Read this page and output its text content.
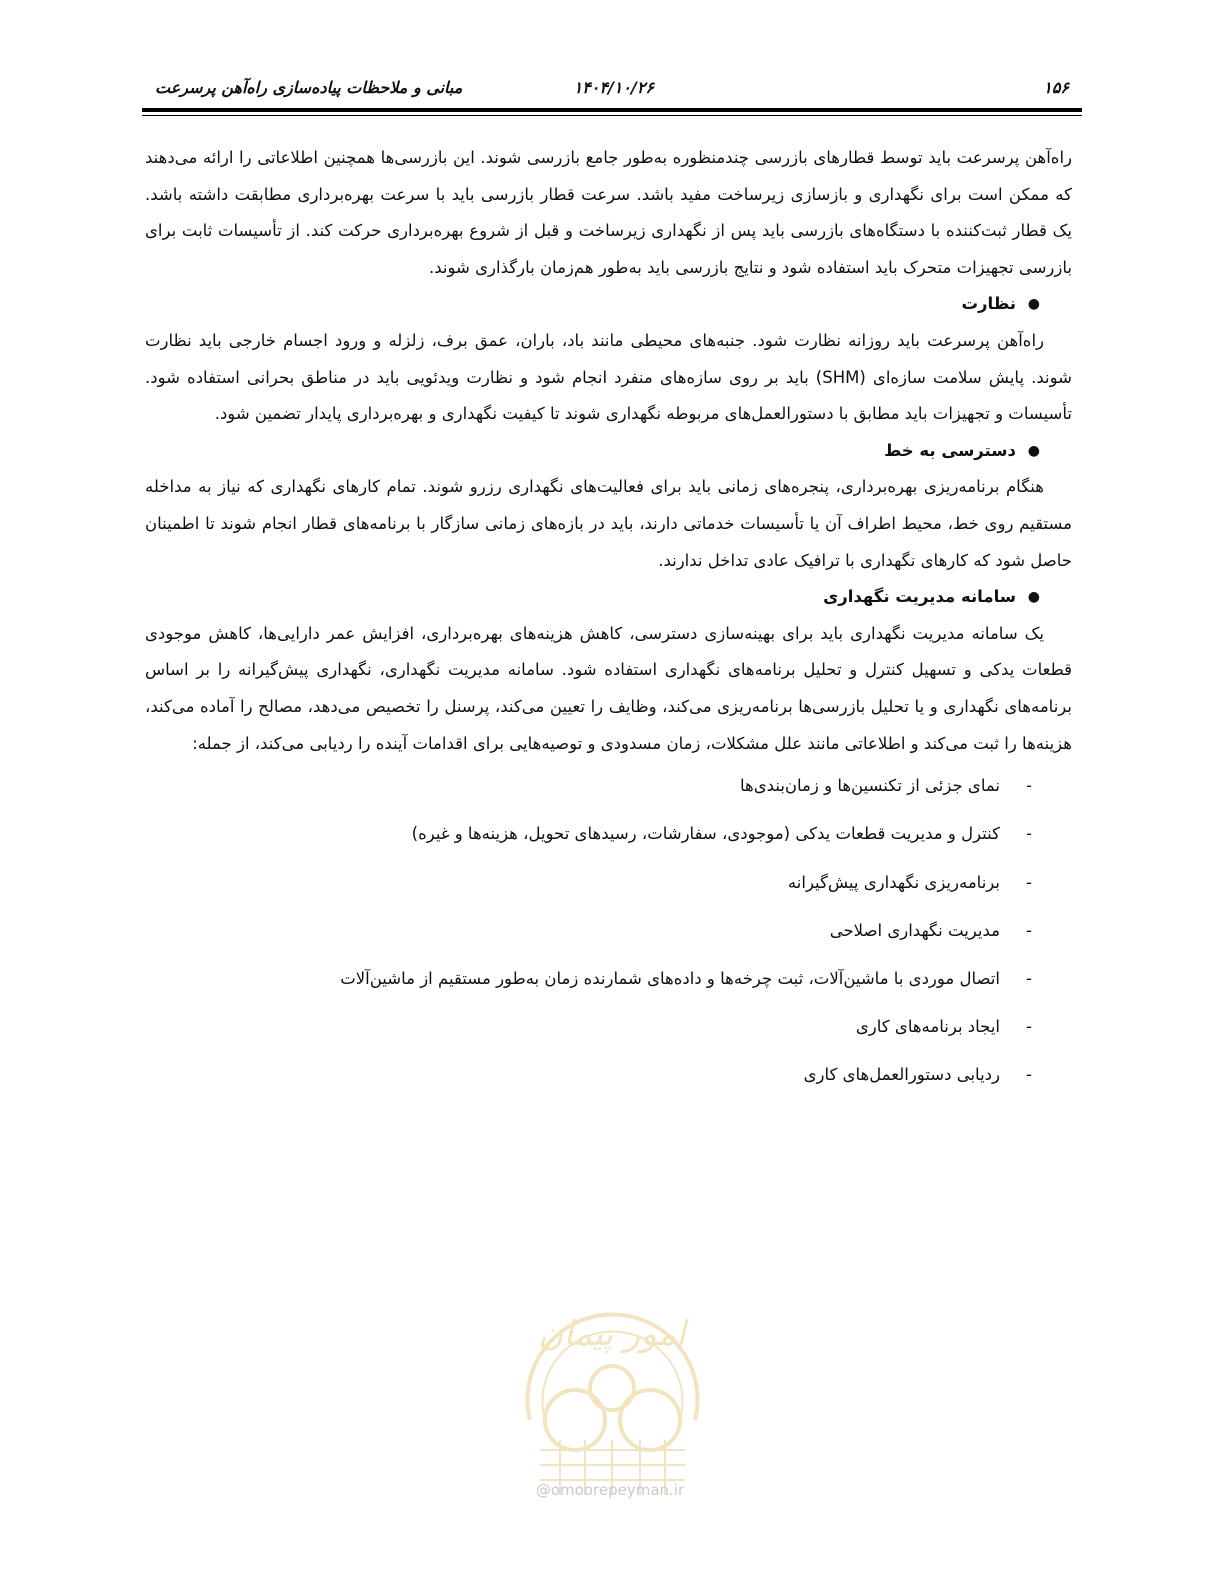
۱۵۶
۱۴۰۴/۱۰/۲۶
مبانی و ملاحظات پیاده‌سازی راه‌آهن پرسرعت

راه‌آهن پرسرعت باید توسط قطارهای بازرسی چندمنظوره به‌طور جامع بازرسی شوند. این بازرسی‌ها همچنین اطلاعاتی را ارائه می‌دهند که ممکن است برای نگهداری و بازسازی زیرساخت مفید باشد. سرعت قطار بازرسی باید با سرعت بهره‌برداری مطابقت داشته باشد. یک قطار ثبت‌کننده با دستگاه‌های بازرسی باید پس از نگهداری زیرساخت و قبل از شروع بهره‌برداری حرکت کند. از تأسیسات ثابت برای بازرسی تجهیزات متحرک باید استفاده شود و نتایج بازرسی باید به‌طور هم‌زمان بارگذاری شوند.

●
نظارت

راه‌آهن پرسرعت باید روزانه نظارت شود. جنبه‌های محیطی مانند باد، باران، عمق برف، زلزله و ورود اجسام خارجی باید نظارت شوند. پایش سلامت سازه‌ای (SHM) باید بر روی سازه‌های منفرد انجام شود و نظارت ویدئویی باید در مناطق بحرانی استفاده شود. تأسیسات و تجهیزات باید مطابق با دستورالعمل‌های مربوطه نگهداری شوند تا کیفیت نگهداری و بهره‌برداری پایدار تضمین شود.

●
دسترسی به خط

هنگام برنامه‌ریزی بهره‌برداری، پنجره‌های زمانی باید برای فعالیت‌های نگهداری رزرو شوند. تمام کارهای نگهداری که نیاز به مداخله مستقیم روی خط، محیط اطراف آن یا تأسیسات خدماتی دارند، باید در بازه‌های زمانی سازگار با برنامه‌های قطار انجام شوند تا اطمینان حاصل شود که کارهای نگهداری با ترافیک عادی تداخل ندارند.

●
سامانه مدیریت نگهداری

یک سامانه مدیریت نگهداری باید برای بهینه‌سازی دسترسی، کاهش هزینه‌های بهره‌برداری، افزایش عمر دارایی‌ها، کاهش موجودی قطعات یدکی و تسهیل کنترل و تحلیل برنامه‌های نگهداری استفاده شود. سامانه مدیریت نگهداری، نگهداری پیش‌گیرانه را بر اساس برنامه‌های نگهداری و یا تحلیل بازرسی‌ها برنامه‌ریزی می‌کند، وظایف را تعیین می‌کند، پرسنل را تخصیص می‌دهد، مصالح را آماده می‌کند، هزینه‌ها را ثبت می‌کند و اطلاعاتی مانند علل مشکلات، زمان مسدودی و توصیه‌هایی برای اقدامات آینده را ردیابی می‌کند، از جمله:

-
نمای جزئی از تکنسین‌ها و زمان‌بندی‌ها
-
کنترل و مدیریت قطعات یدکی (موجودی، سفارشات، رسیدهای تحویل، هزینه‌ها و غیره)
-
برنامه‌ریزی نگهداری پیش‌گیرانه
-
مدیریت نگهداری اصلاحی
-
اتصال موردی با ماشین‌آلات، ثبت چرخه‌ها و داده‌های شمارنده زمان به‌طور مستقیم از ماشین‌آلات
-
ایجاد برنامه‌های کاری
-
ردیابی دستورالعمل‌های کاری
امور پیمان
@omoorepeyman.ir
